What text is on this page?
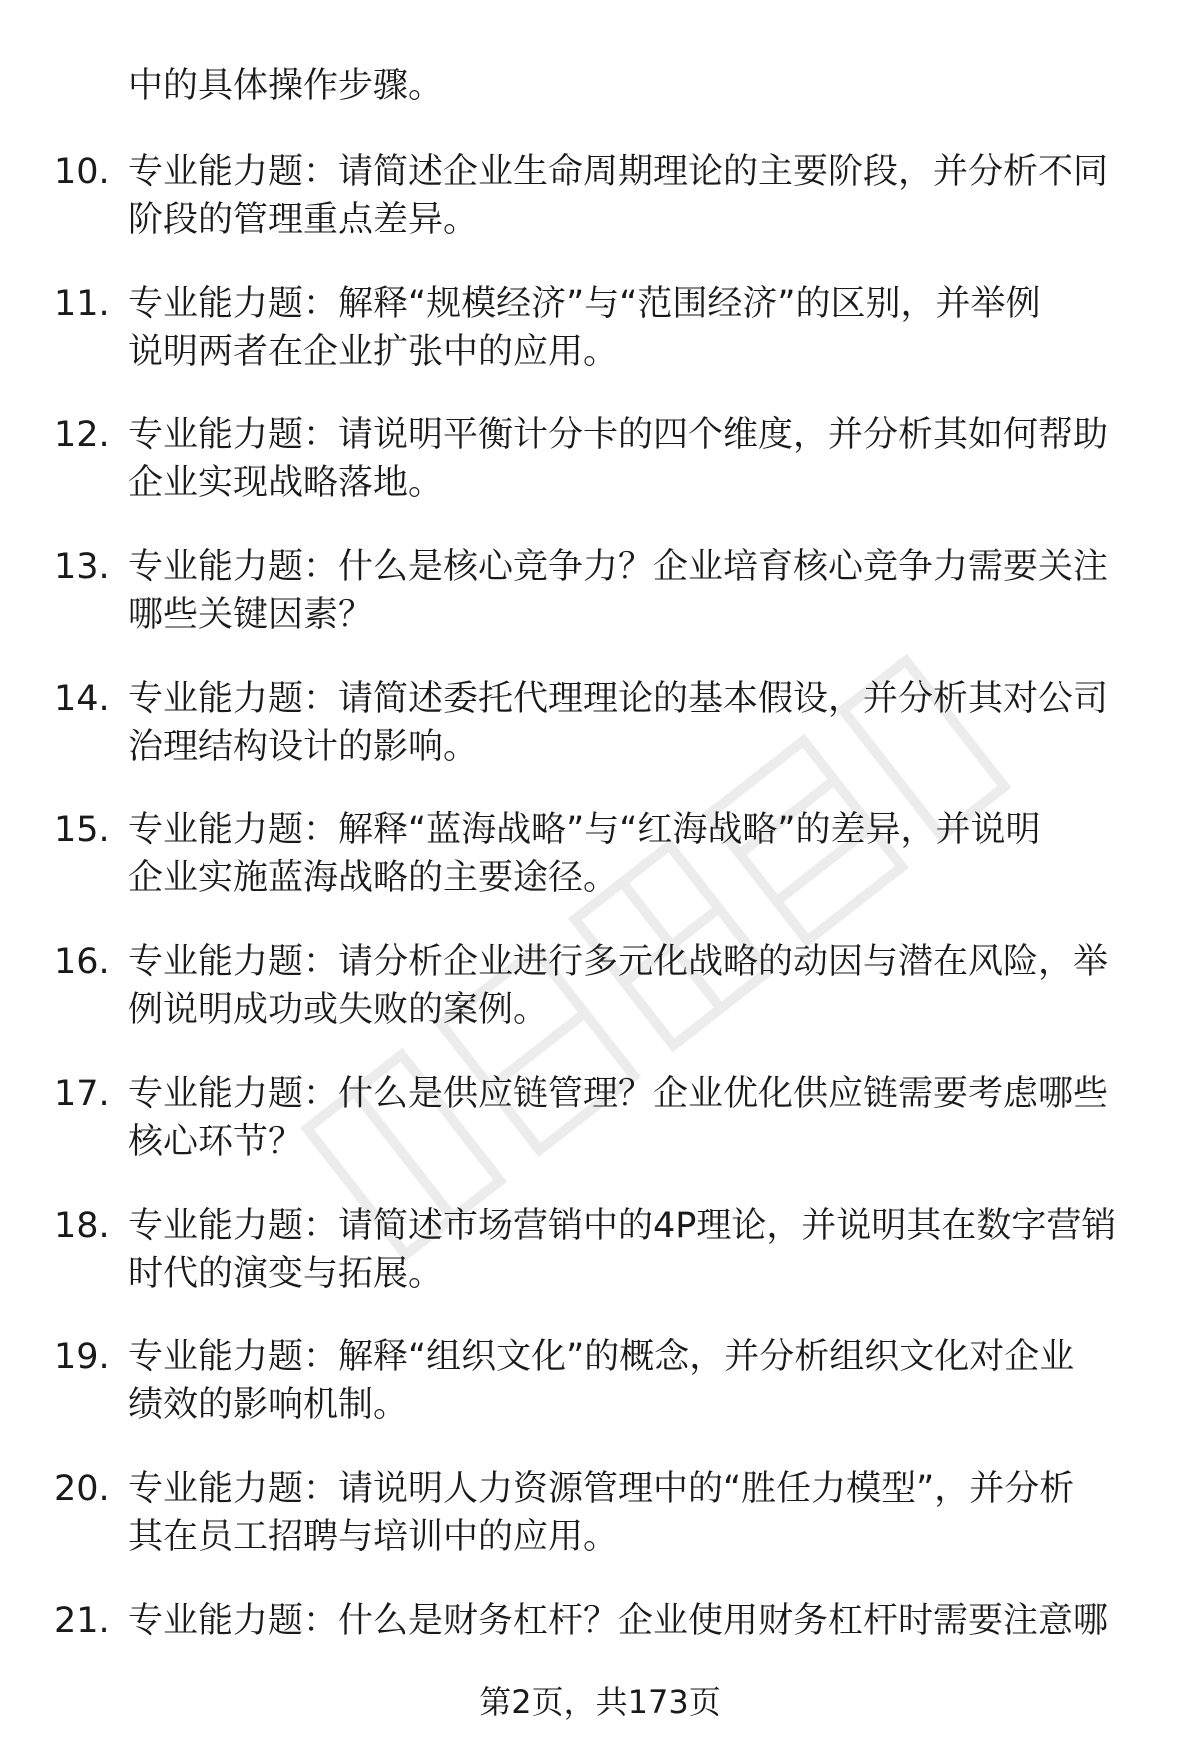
中的具体操作步骤。
10. 专业能力题：请简述企业生命周期理论的主要阶段，并分析不同
阶段的管理重点差异。
11. 专业能力题：解释“规模经济”与“范围经济”的区别，并举例
说明两者在企业扩张中的应用。
12. 专业能力题：请说明平衡计分卡的四个维度，并分析其如何帮助
企业实现战略落地。
13. 专业能力题：什么是核心竞争力？企业培育核心竞争力需要关注
哪些关键因素？
14. 专业能力题：请简述委托代理理论的基本假设，并分析其对公司
治理结构设计的影响。
15. 专业能力题：解释“蓝海战略”与“红海战略”的差异，并说明
企业实施蓝海战略的主要途径。
16. 专业能力题：请分析企业进行多元化战略的动因与潜在风险，举
例说明成功或失败的案例。
17. 专业能力题：什么是供应链管理？企业优化供应链需要考虑哪些
核心环节？
18. 专业能力题：请简述市场营销中的4P理论，并说明其在数字营销
时代的演变与拓展。
19. 专业能力题：解释“组织文化”的概念，并分析组织文化对企业
绩效的影响机制。
20. 专业能力题：请说明人力资源管理中的“胜任力模型”，并分析
其在员工招聘与培训中的应用。
21. 专业能力题：什么是财务杠杆？企业使用财务杠杆时需要注意哪
第2页，共173页
